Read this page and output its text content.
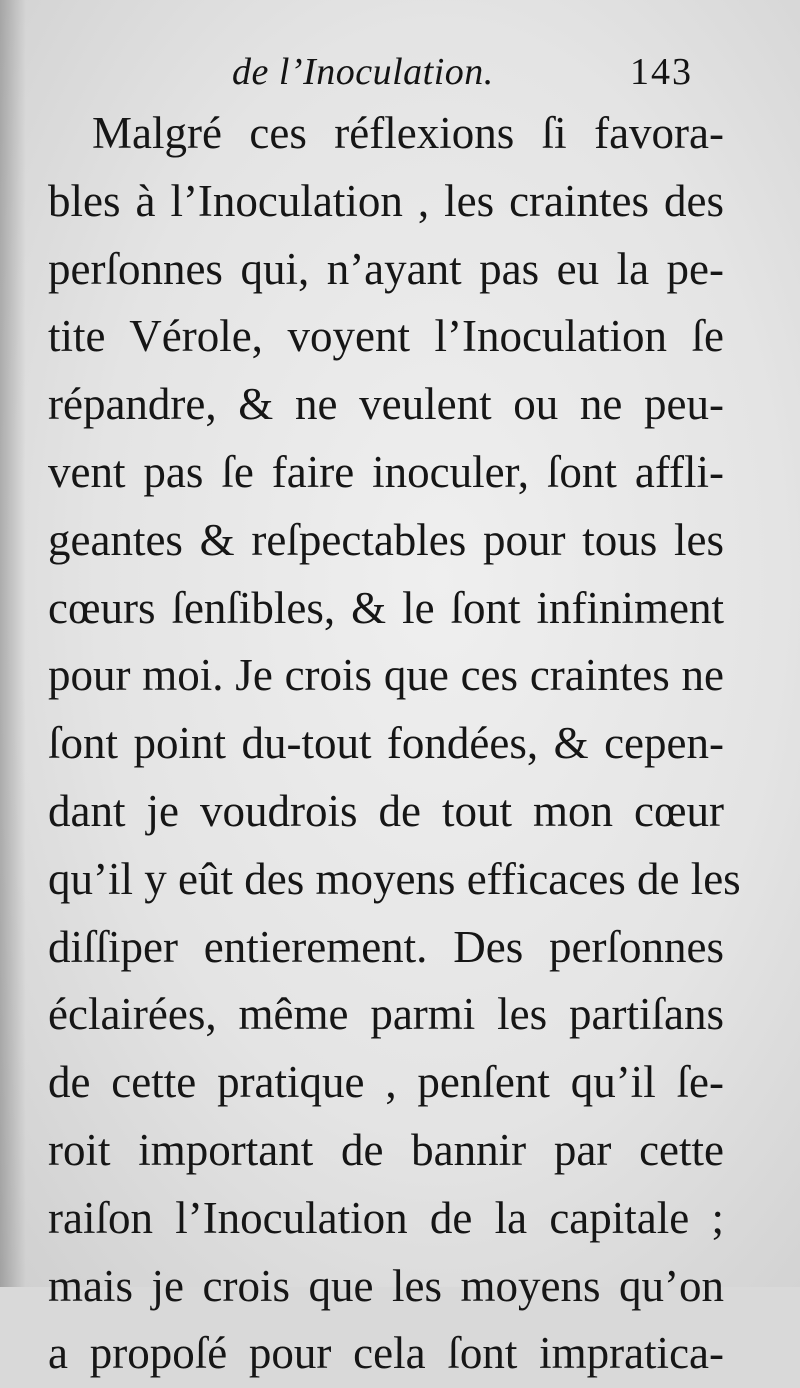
de l’Inoculation.	143
Malgré ces réflexions ſi favora-
bles à l’Inoculation , les craintes des
perſonnes qui, n’ayant pas eu la pe-
tite Vérole, voyent l’Inoculation ſe
répandre, & ne veulent ou ne peu-
vent pas ſe faire inoculer, ſont affli-
geantes & reſpectables pour tous les
cœurs ſenſibles, & le ſont infiniment
pour moi. Je crois que ces craintes ne
ſont point du-tout fondées, & cepen-
dant je voudrois de tout mon cœur
qu’il y eût des moyens efficaces de les
diſſiper entierement. Des perſonnes
éclairées, même parmi les partiſans
de cette pratique , penſent qu’il ſe-
roit important de bannir par cette
raiſon l’Inoculation de la capitale ;
mais je crois que les moyens qu’on
a propoſé pour cela ſont impratica-
